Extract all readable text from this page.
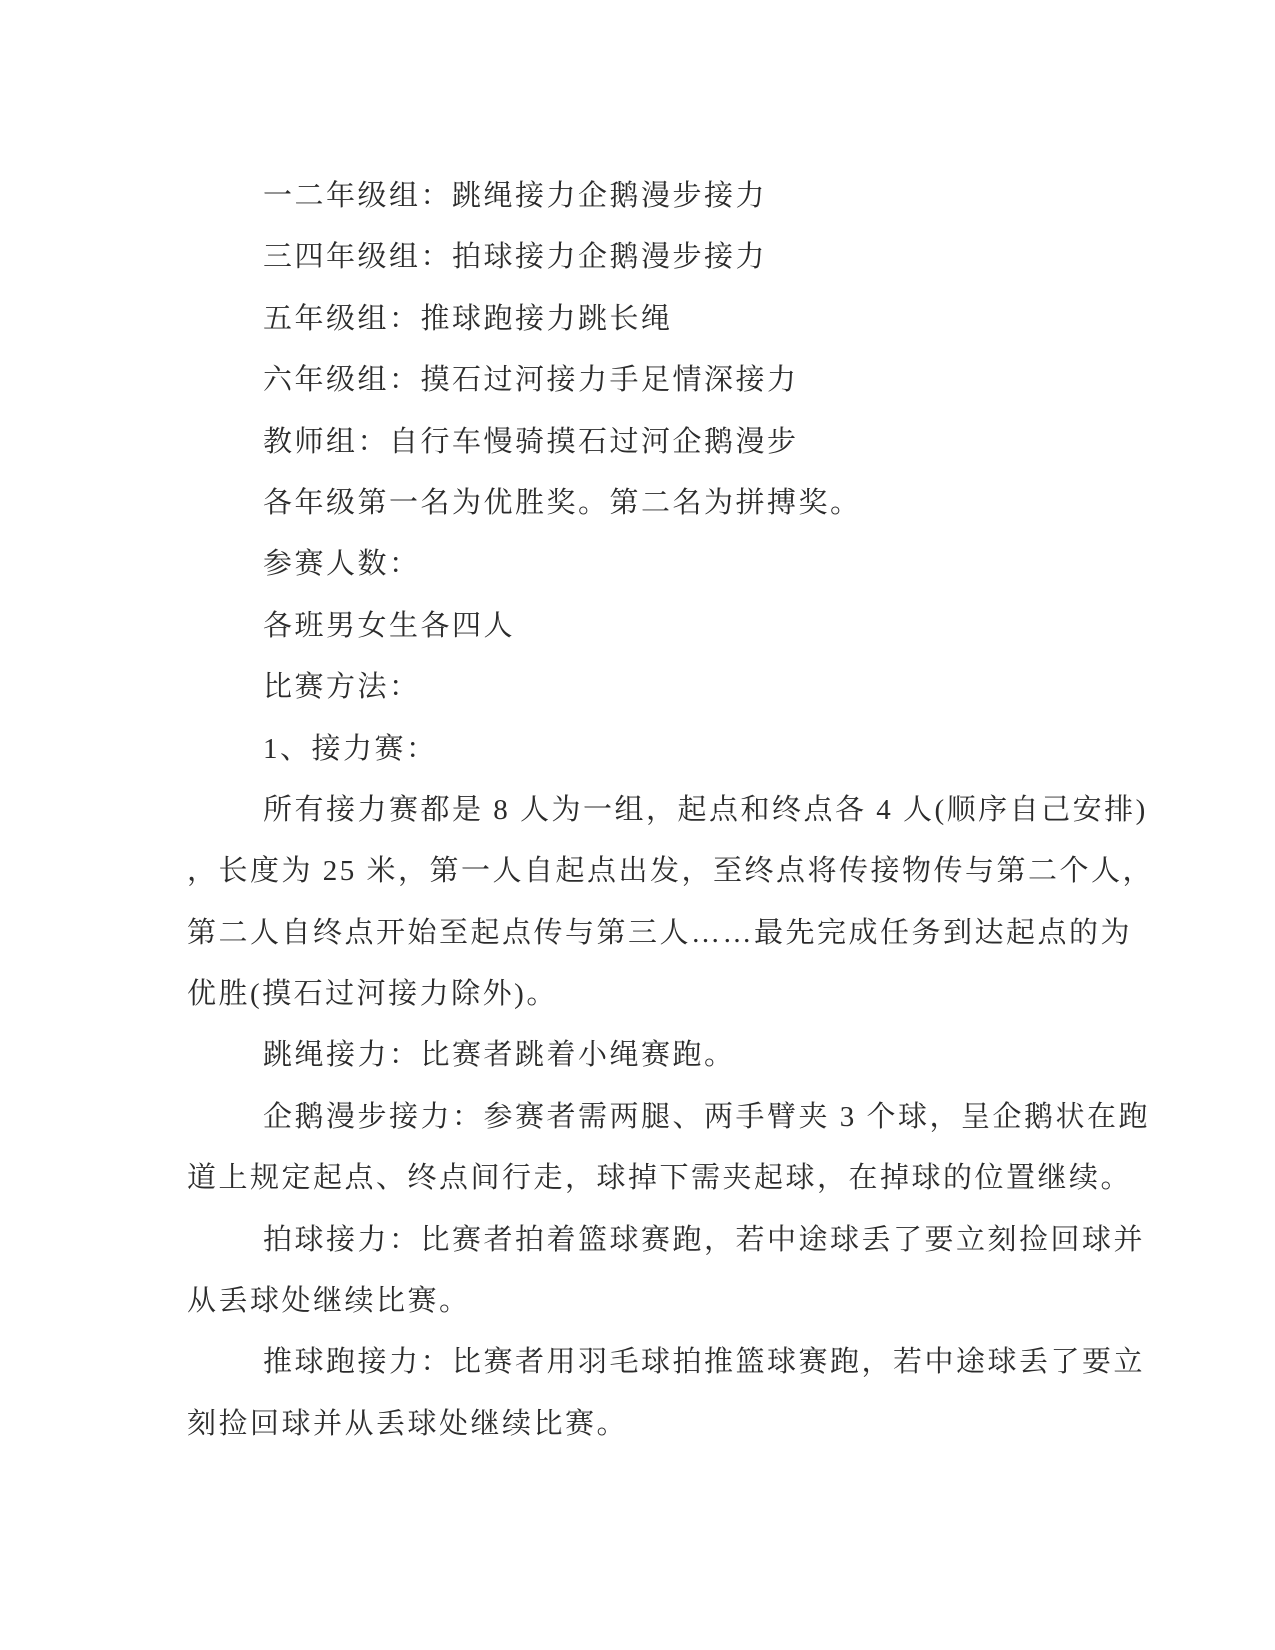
一二年级组：跳绳接力企鹅漫步接力
三四年级组：拍球接力企鹅漫步接力
五年级组：推球跑接力跳长绳
六年级组：摸石过河接力手足情深接力
教师组：自行车慢骑摸石过河企鹅漫步
各年级第一名为优胜奖。第二名为拼搏奖。
参赛人数：
各班男女生各四人
比赛方法：
1、接力赛：
所有接力赛都是 8 人为一组，起点和终点各 4 人(顺序自己安排)
，长度为 25 米，第一人自起点出发，至终点将传接物传与第二个人，
第二人自终点开始至起点传与第三人……最先完成任务到达起点的为
优胜(摸石过河接力除外)。
跳绳接力：比赛者跳着小绳赛跑。
企鹅漫步接力：参赛者需两腿、两手臂夹 3 个球，呈企鹅状在跑
道上规定起点、终点间行走，球掉下需夹起球，在掉球的位置继续。
拍球接力：比赛者拍着篮球赛跑，若中途球丢了要立刻捡回球并
从丢球处继续比赛。
推球跑接力：比赛者用羽毛球拍推篮球赛跑，若中途球丢了要立
刻捡回球并从丢球处继续比赛。
